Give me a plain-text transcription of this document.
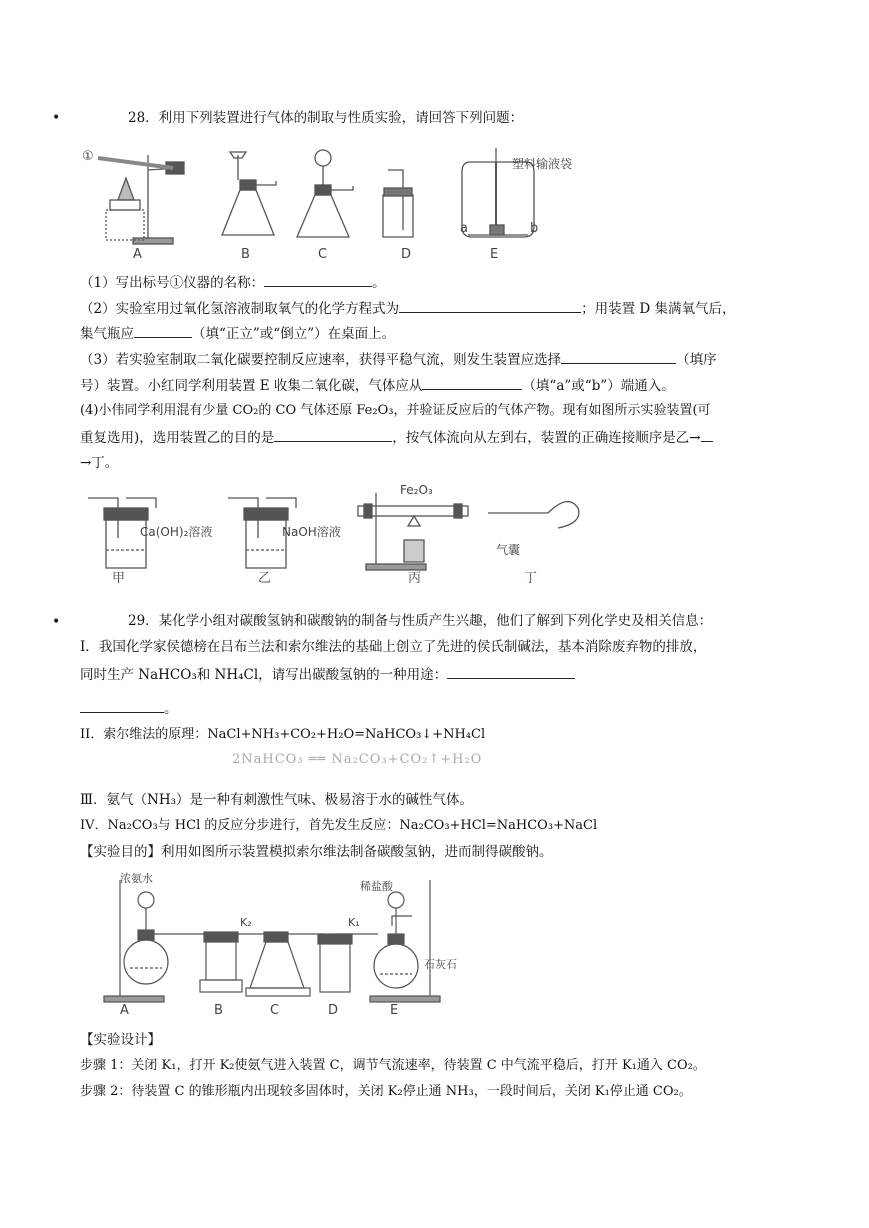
•	28．利用下列装置进行气体的制取与性质实验，请回答下列问题：
①
A	B	C	D
塑料输液袋
a	b
E
（1）写出标号①仪器的名称：	。
（2）实验室用过氧化氢溶液制取氧气的化学方程式为	；用装置 D 集满氧气后，
集气瓶应	（填“正立”或“倒立”）在桌面上。
（3）若实验室制取二氧化碳要控制反应速率，获得平稳气流，则发生装置应选择	（填序
号）装置。小红同学利用装置 E 收集二氧化碳，气体应从	（填“a”或“b”）端通入。
(4)小伟同学利用混有少量 CO₂的 CO 气体还原 Fe₂O₃，并验证反应后的气体产物。现有如图所示实验装置(可
重复选用)，选用装置乙的目的是	，按气体流向从左到右，装置的正确连接顺序是乙→
→丁。
Ca(OH)₂溶液
甲
NaOH溶液
乙
Fe₂O₃
丙
气囊
丁
•	29．某化学小组对碳酸氢钠和碳酸钠的制备与性质产生兴趣，他们了解到下列化学史及相关信息：
I．我国化学家侯德榜在吕布兰法和索尔维法的基础上创立了先进的侯氏制碱法，基本消除废弃物的排放，
同时生产 NaHCO₃和 NH₄Cl，请写出碳酸氢钠的一种用途：
。
II．索尔维法的原理：NaCl+NH₃+CO₂+H₂O=NaHCO₃↓+NH₄Cl
2NaHCO₃ ══ Na₂CO₃+CO₂↑+H₂O
Ⅲ．氨气（NH₃）是一种有刺激性气味、极易溶于水的碱性气体。
IV．Na₂CO₃与 HCl 的反应分步进行，首先发生反应：Na₂CO₃+HCl=NaHCO₃+NaCl
【实验目的】利用如图所示装置模拟索尔维法制备碳酸氢钠，进而制得碳酸钠。
浓氨水
A
K₂	K₁
B	C	D
稀盐酸
石灰石
E
【实验设计】
步骤 1：关闭 K₁，打开 K₂使氨气进入装置 C，调节气流速率，待装置 C 中气流平稳后，打开 K₁通入 CO₂。
步骤 2：待装置 C 的锥形瓶内出现较多固体时，关闭 K₂停止通 NH₃，一段时间后，关闭 K₁停止通 CO₂。
